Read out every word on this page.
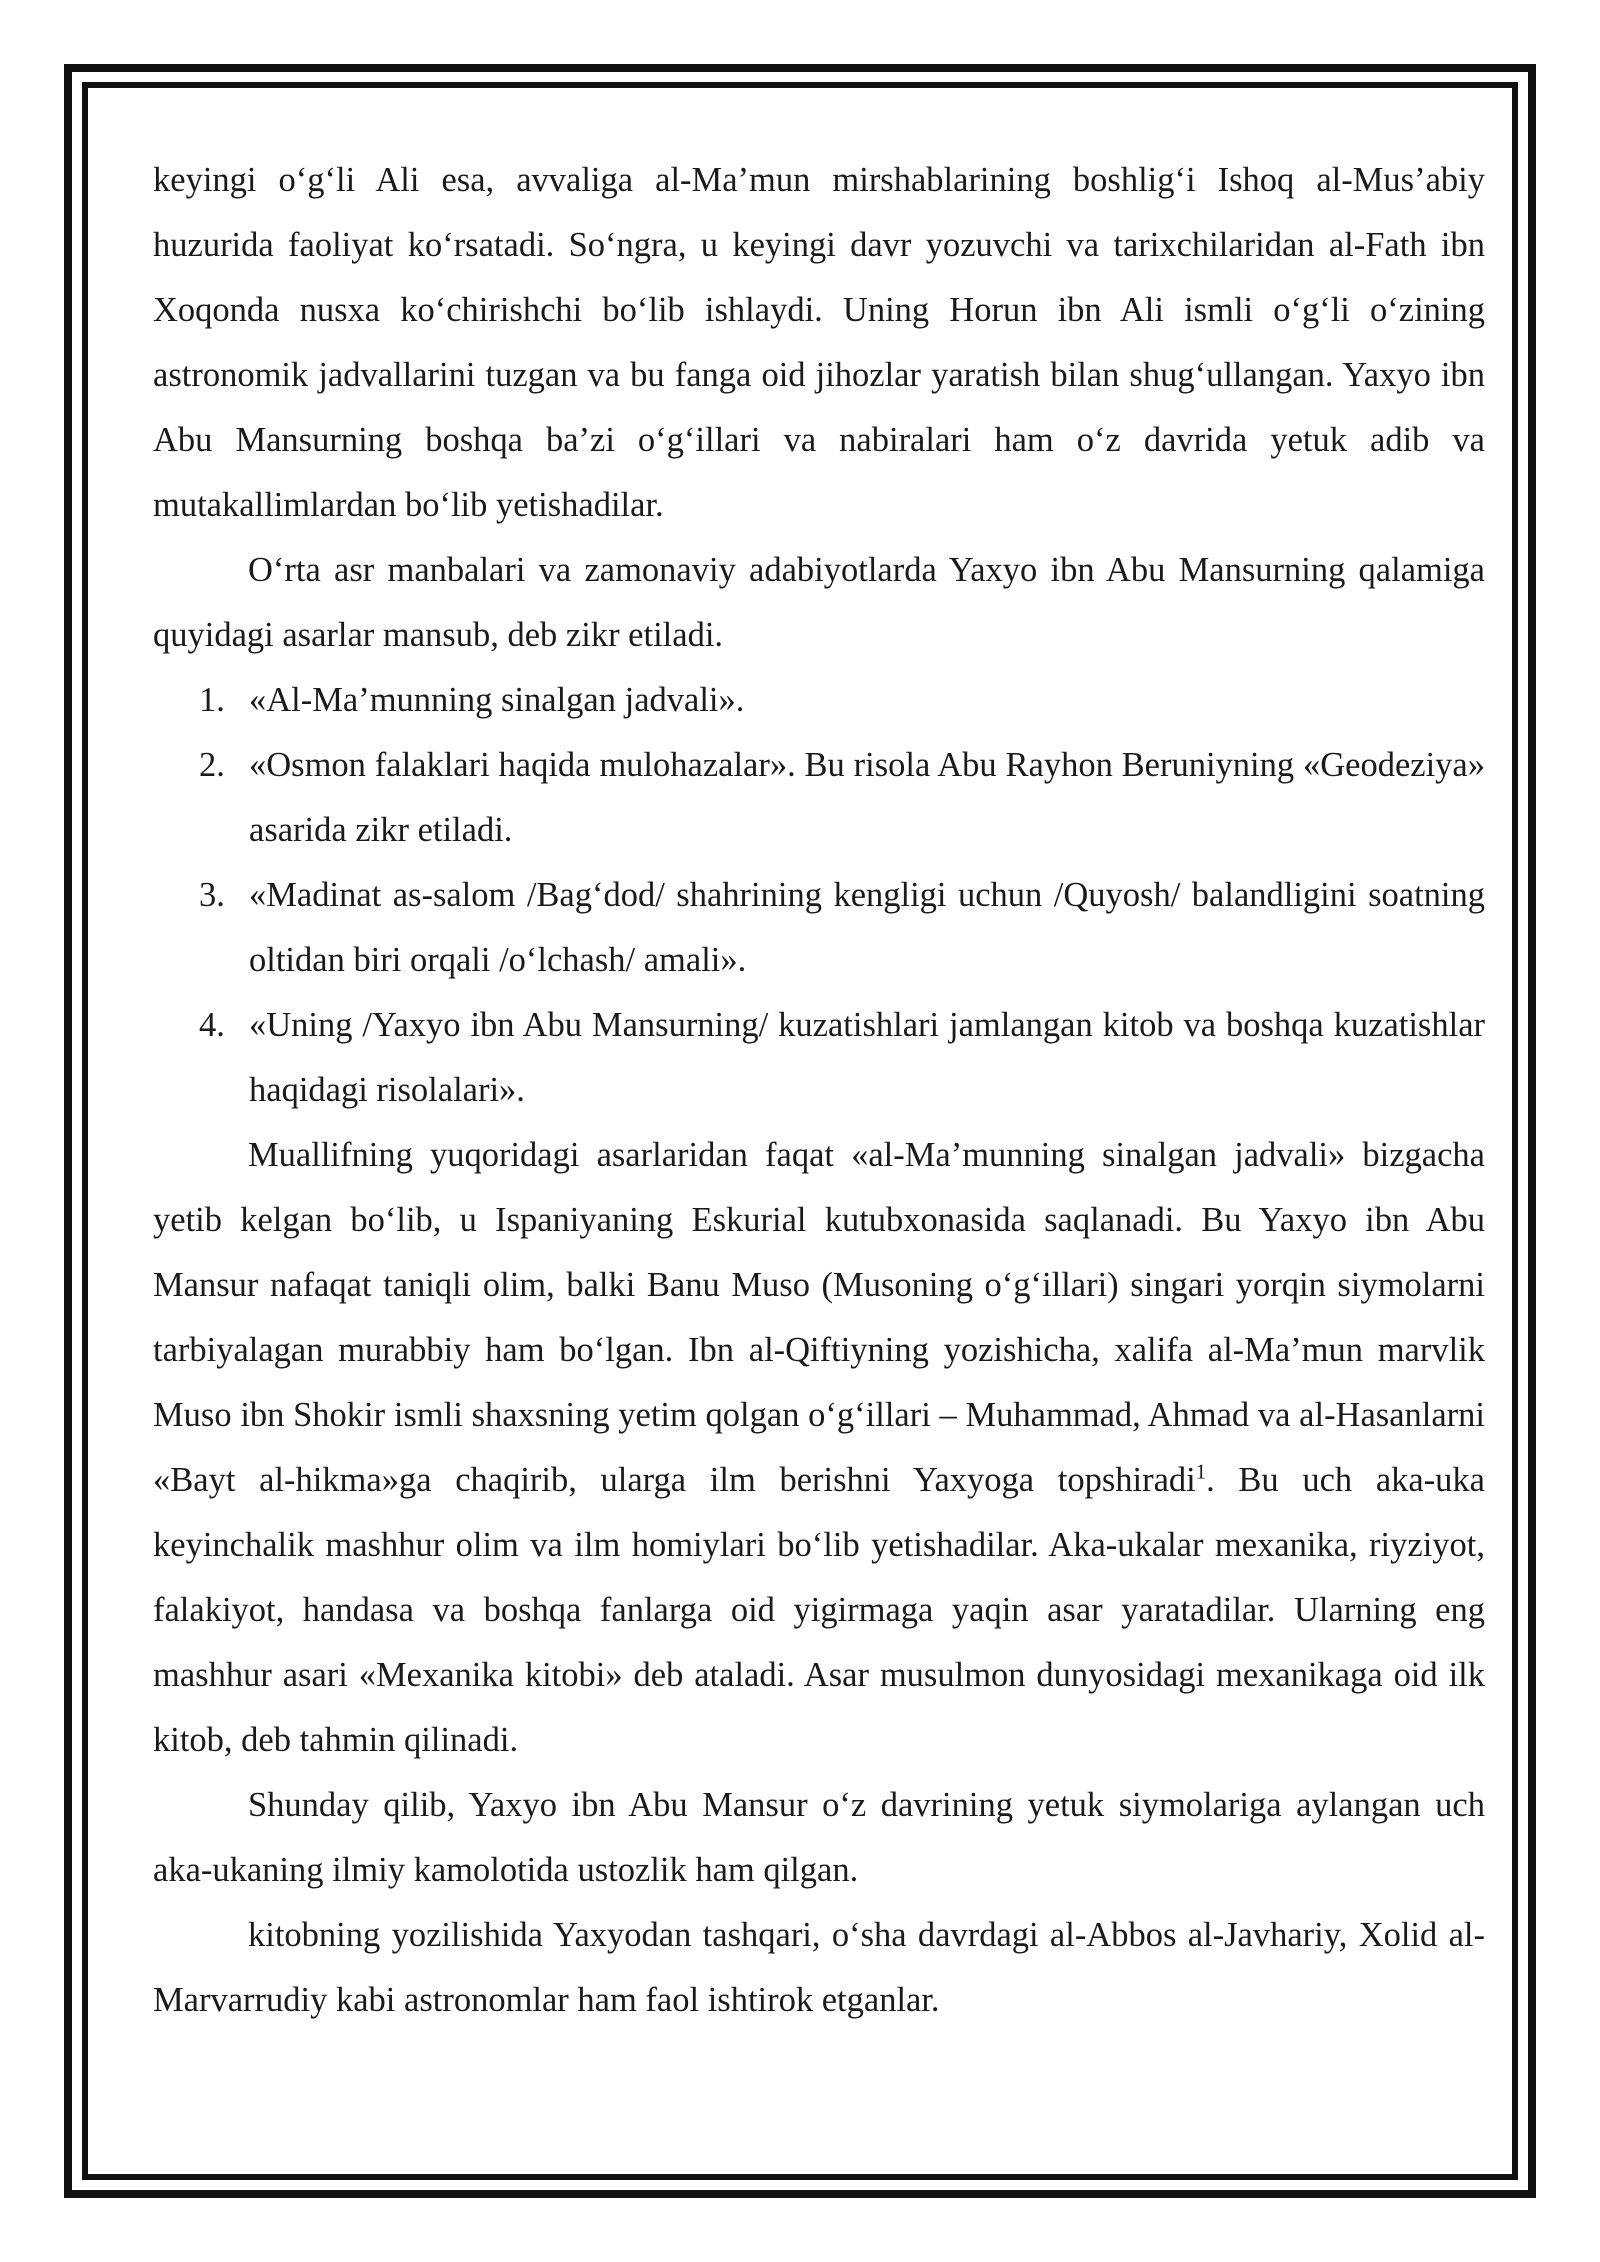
keyingi o‘g‘li Ali esa, avvaliga al-Ma’mun mirshablarining boshlig‘i Ishoq al-Mus’abiy huzurida faoliyat ko‘rsatadi. So‘ngra, u keyingi davr yozuvchi va tarixchilaridan al-Fath ibn Xoqonda nusxa ko‘chirishchi bo‘lib ishlaydi. Uning Horun ibn Ali ismli o‘g‘li o‘zining astronomik jadvallarini tuzgan va bu fanga oid jihozlar yaratish bilan shug‘ullangan. Yaxyo ibn Abu Mansurning boshqa ba’zi o‘g‘illari va nabiralari ham o‘z davrida yetuk adib va mutakallimlardan bo‘lib yetishadilar.

O‘rta asr manbalari va zamonaviy adabiyotlarda Yaxyo ibn Abu Mansurning qalamiga quyidagi asarlar mansub, deb zikr etiladi.

1. «Al-Ma’munning sinalgan jadvali».
2. «Osmon falaklari haqida mulohazalar». Bu risola Abu Rayhon Beruniyning «Geodeziya» asarida zikr etiladi.
3. «Madinat as-salom /Bag‘dod/ shahrining kengligi uchun /Quyosh/ balandligini soatning oltidan biri orqali /o‘lchash/ amali».
4. «Uning /Yaxyo ibn Abu Mansurning/ kuzatishlari jamlangan kitob va boshqa kuzatishlar haqidagi risolalari».

Muallifning yuqoridagi asarlaridan faqat «al-Ma’munning sinalgan jadvali» bizgacha yetib kelgan bo‘lib, u Ispaniyaning Eskurial kutubxonasida saqlanadi. Bu Yaxyo ibn Abu Mansur nafaqat taniqli olim, balki Banu Muso (Musoning o‘g‘illari) singari yorqin siymolarni tarbiyalagan murabbiy ham bo‘lgan. Ibn al-Qiftiyning yozishicha, xalifa al-Ma’mun marvlik Muso ibn Shokir ismli shaxsning yetim qolgan o‘g‘illari – Muhammad, Ahmad va al-Hasanlarni «Bayt al-hikma»ga chaqirib, ularga ilm berishni Yaxyoga topshiradi$^1$. Bu uch aka-uka keyinchalik mashhur olim va ilm homiylari bo‘lib yetishadilar. Aka-ukalar mexanika, riyziyot, falakiyot, handasa va boshqa fanlarga oid yigirmaga yaqin asar yaratadilar. Ularning eng mashhur asari «Mexanika kitobi» deb ataladi. Asar musulmon dunyosidagi mexanikaga oid ilk kitob, deb tahmin qilinadi.

Shunday qilib, Yaxyo ibn Abu Mansur o‘z davrining yetuk siymolariga aylangan uch aka-ukaning ilmiy kamolotida ustozlik ham qilgan.

kitobning yozilishida Yaxyodan tashqari, o‘sha davrdagi al-Abbos al-Javhariy, Xolid al-Marvarrudiy kabi astronomlar ham faol ishtirok etganlar.
